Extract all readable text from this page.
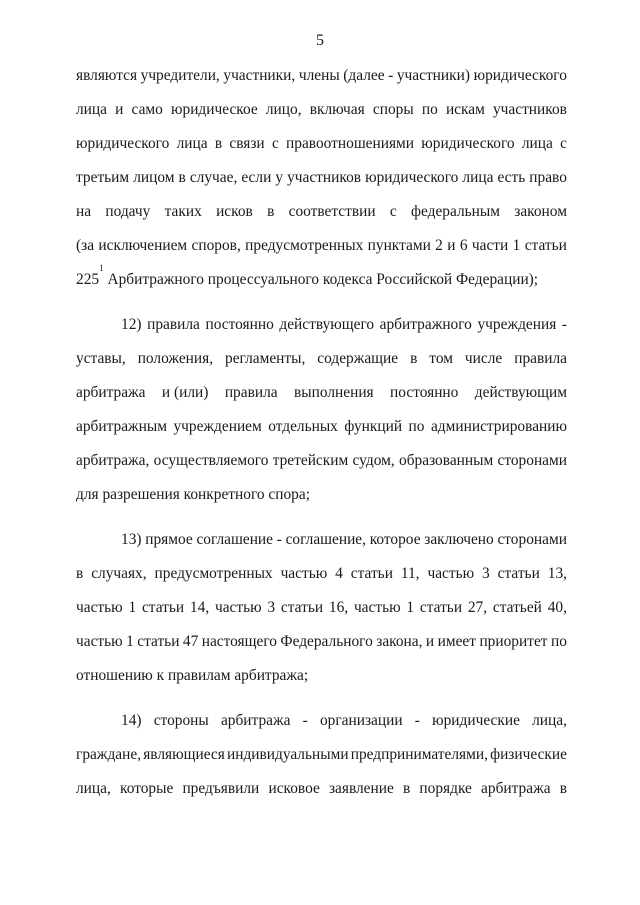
5
являются учредители, участники, члены (далее - участники) юридического
лица и само юридическое лицо, включая споры по искам участников
юридического лица в связи с правоотношениями юридического лица с
третьим лицом в случае, если у участников юридического лица есть право
на подачу таких исков в соответствии с федеральным законом
(за исключением споров, предусмотренных пунктами 2 и 6 части 1 статьи
225
1

Арбитражного процессуального кодекса Российской Федерации);
12) правила постоянно действующего арбитражного учреждения -
уставы, положения, регламенты, содержащие в том числе правила
арбитража и (или) правила выполнения постоянно действующим
арбитражным учреждением отдельных функций по администрированию
арбитража, осуществляемого третейским судом, образованным сторонами
для разрешения конкретного спора;
13) прямое соглашение - соглашение, которое заключено сторонами
в случаях, предусмотренных частью 4 статьи 11, частью 3 статьи 13,
частью 1 статьи 14, частью 3 статьи 16, частью 1 статьи 27, статьей 40,
частью 1 статьи 47 настоящего Федерального закона, и имеет приоритет по
отношению к правилам арбитража;
14) стороны арбитража - организации - юридические лица,
граждане, являющиеся индивидуальными предпринимателями, физические
лица, которые предъявили исковое заявление в порядке арбитража в
